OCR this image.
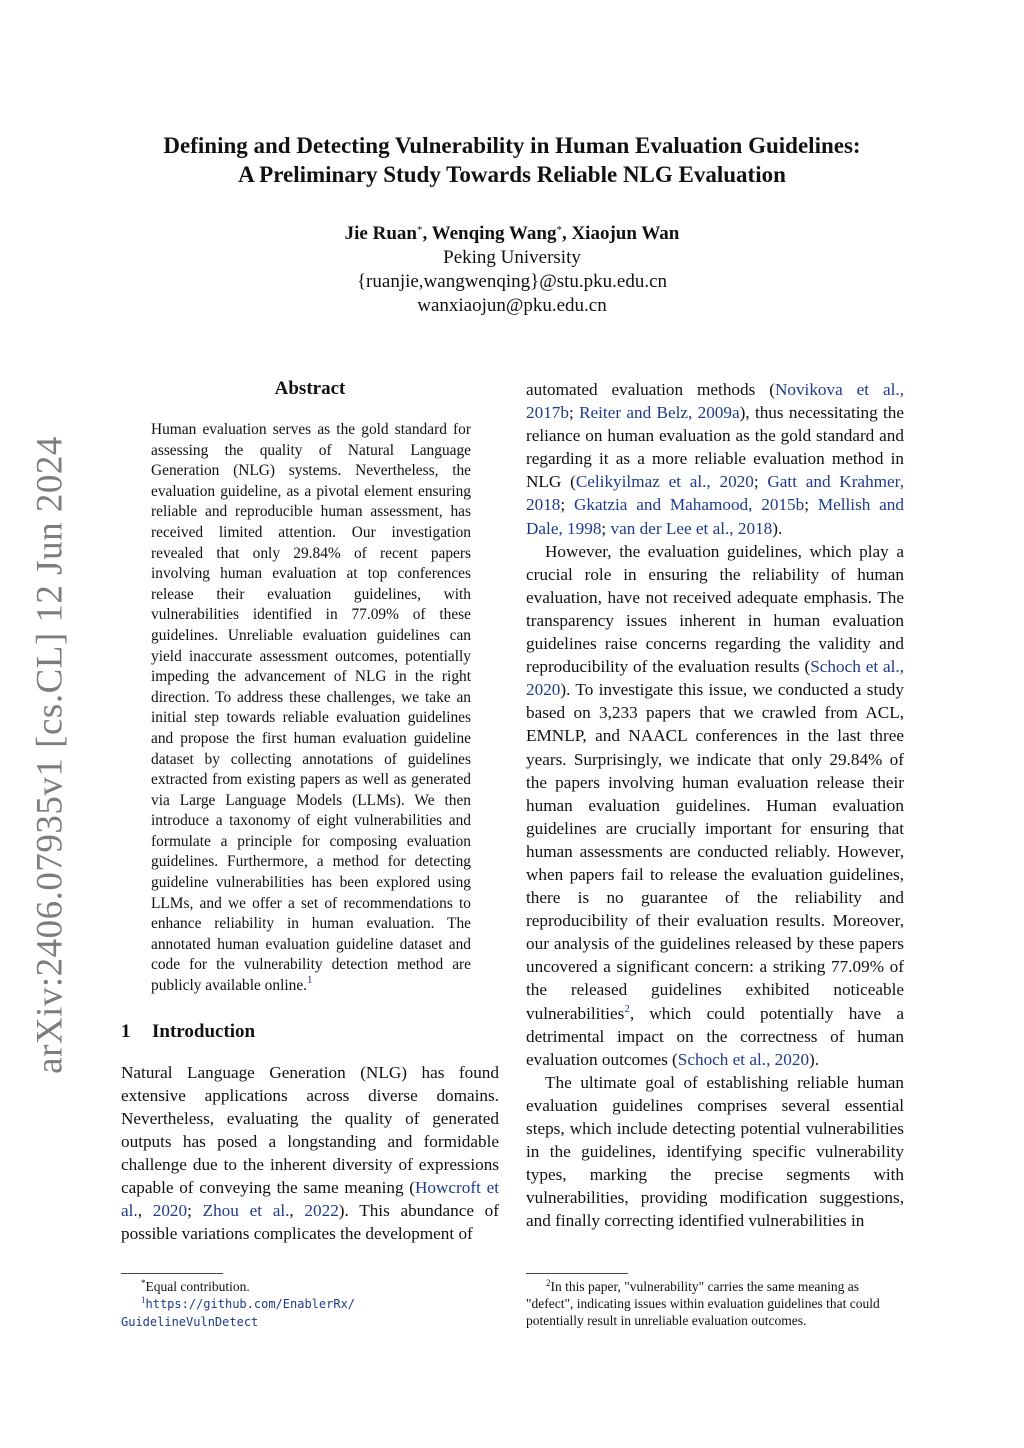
arXiv:2406.07935v1 [cs.CL] 12 Jun 2024
Defining and Detecting Vulnerability in Human Evaluation Guidelines:
A Preliminary Study Towards Reliable NLG Evaluation
Jie Ruan*, Wenqing Wang*, Xiaojun Wan
Peking University
{ruanjie,wangwenqing}@stu.pku.edu.cn
wanxiaojun@pku.edu.cn
Abstract
Human evaluation serves as the gold standard for assessing the quality of Natural Language Generation (NLG) systems. Nevertheless, the evaluation guideline, as a pivotal element ensuring reliable and reproducible human assessment, has received limited attention. Our investigation revealed that only 29.84% of recent papers involving human evaluation at top conferences release their evaluation guidelines, with vulnerabilities identified in 77.09% of these guidelines. Unreliable evaluation guidelines can yield inaccurate assessment outcomes, potentially impeding the advancement of NLG in the right direction. To address these challenges, we take an initial step towards reliable evaluation guidelines and propose the first human evaluation guideline dataset by collecting annotations of guidelines extracted from existing papers as well as generated via Large Language Models (LLMs). We then introduce a taxonomy of eight vulnerabilities and formulate a principle for composing evaluation guidelines. Furthermore, a method for detecting guideline vulnerabilities has been explored using LLMs, and we offer a set of recommendations to enhance reliability in human evaluation. The annotated human evaluation guideline dataset and code for the vulnerability detection method are publicly available online.$^1$
1 Introduction

Natural Language Generation (NLG) has found extensive applications across diverse domains. Nevertheless, evaluating the quality of generated outputs has posed a longstanding and formidable challenge due to the inherent diversity of expressions capable of conveying the same meaning (Howcroft et al., 2020; Zhou et al., 2022). This abundance of possible variations complicates the development of

automated evaluation methods (Novikova et al., 2017b; Reiter and Belz, 2009a), thus necessitating the reliance on human evaluation as the gold standard and regarding it as a more reliable evaluation method in NLG (Celikyilmaz et al., 2020; Gatt and Krahmer, 2018; Gkatzia and Mahamood, 2015b; Mellish and Dale, 1998; van der Lee et al., 2018).

However, the evaluation guidelines, which play a crucial role in ensuring the reliability of human evaluation, have not received adequate emphasis. The transparency issues inherent in human evaluation guidelines raise concerns regarding the validity and reproducibility of the evaluation results (Schoch et al., 2020). To investigate this issue, we conducted a study based on 3,233 papers that we crawled from ACL, EMNLP, and NAACL conferences in the last three years. Surprisingly, we indicate that only 29.84% of the papers involving human evaluation release their human evaluation guidelines. Human evaluation guidelines are crucially important for ensuring that human assessments are conducted reliably. However, when papers fail to release the evaluation guidelines, there is no guarantee of the reliability and reproducibility of their evaluation results. Moreover, our analysis of the guidelines released by these papers uncovered a significant concern: a striking 77.09% of the released guidelines exhibited noticeable vulnerabilities$^2$, which could potentially have a detrimental impact on the correctness of human evaluation outcomes (Schoch et al., 2020).

The ultimate goal of establishing reliable human evaluation guidelines comprises several essential steps, which include detecting potential vulnerabilities in the guidelines, identifying specific vulnerability types, marking the precise segments with vulnerabilities, providing modification suggestions, and finally correcting identified vulnerabilities in

*Equal contribution.
$^1$https://github.com/EnablerRx/
GuidelineVulnDetect
$^2$In this paper, "vulnerability" carries the same meaning as "defect", indicating issues within evaluation guidelines that could potentially result in unreliable evaluation outcomes.
